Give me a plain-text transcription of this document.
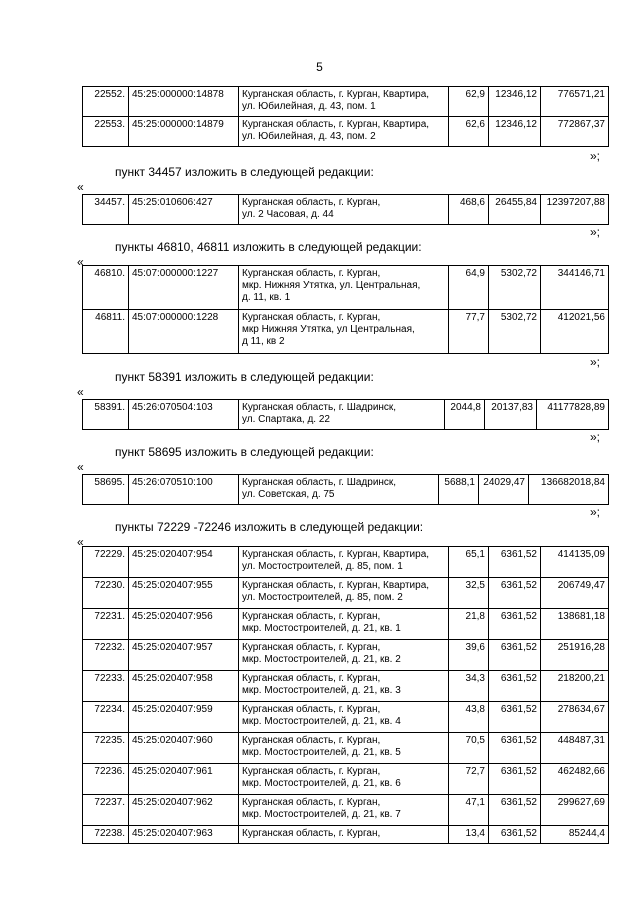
5
22552.	45:25:000000:14878	Курганская область, г. Курган, Квартира,
ул. Юбилейная, д. 43, пом. 1	62,9	12346,12	776571,21
22553.	45:25:000000:14879	Курганская область, г. Курган, Квартира,
ул. Юбилейная, д. 43, пом. 2	62,6	12346,12	772867,37
»;
пункт 34457 изложить в следующей редакции:
«
34457.	45:25:010606:427	Курганская область, г. Курган,
ул. 2 Часовая, д. 44	468,6	26455,84	12397207,88
»;
пункты 46810, 46811 изложить в следующей редакции:
«
46810.	45:07:000000:1227	Курганская область, г. Курган,
мкр. Нижняя Утятка, ул. Центральная,
д. 11, кв. 1	64,9	5302,72	344146,71
46811.	45:07:000000:1228	Курганская область, г. Курган,
мкр Нижняя Утятка, ул Центральная,
д 11, кв 2	77,7	5302,72	412021,56
»;
пункт 58391 изложить в следующей редакции:
«
58391.	45:26:070504:103	Курганская область, г. Шадринск,
ул. Спартака, д. 22	2044,8	20137,83	41177828,89
»;
пункт 58695 изложить в следующей редакции:
«
58695.	45:26:070510:100	Курганская область, г. Шадринск,
ул. Советская, д. 75	5688,1	24029,47	136682018,84
»;
пункты 72229 -72246 изложить в следующей редакции:
«
72229.	45:25:020407:954	Курганская область, г. Курган, Квартира,
ул. Мостостроителей, д. 85, пом. 1	65,1	6361,52	414135,09
72230.	45:25:020407:955	Курганская область, г. Курган, Квартира,
ул. Мостостроителей, д. 85, пом. 2	32,5	6361,52	206749,47
72231.	45:25:020407:956	Курганская область, г. Курган,
мкр. Мостостроителей, д. 21, кв. 1	21,8	6361,52	138681,18
72232.	45:25:020407:957	Курганская область, г. Курган,
мкр. Мостостроителей, д. 21, кв. 2	39,6	6361,52	251916,28
72233.	45:25:020407:958	Курганская область, г. Курган,
мкр. Мостостроителей, д. 21, кв. 3	34,3	6361,52	218200,21
72234.	45:25:020407:959	Курганская область, г. Курган,
мкр. Мостостроителей, д. 21, кв. 4	43,8	6361,52	278634,67
72235.	45:25:020407:960	Курганская область, г. Курган,
мкр. Мостостроителей, д. 21, кв. 5	70,5	6361,52	448487,31
72236.	45:25:020407:961	Курганская область, г. Курган,
мкр. Мостостроителей, д. 21, кв. 6	72,7	6361,52	462482,66
72237.	45:25:020407:962	Курганская область, г. Курган,
мкр. Мостостроителей, д. 21, кв. 7	47,1	6361,52	299627,69
72238.	45:25:020407:963	Курганская область, г. Курган,	13,4	6361,52	85244,4
